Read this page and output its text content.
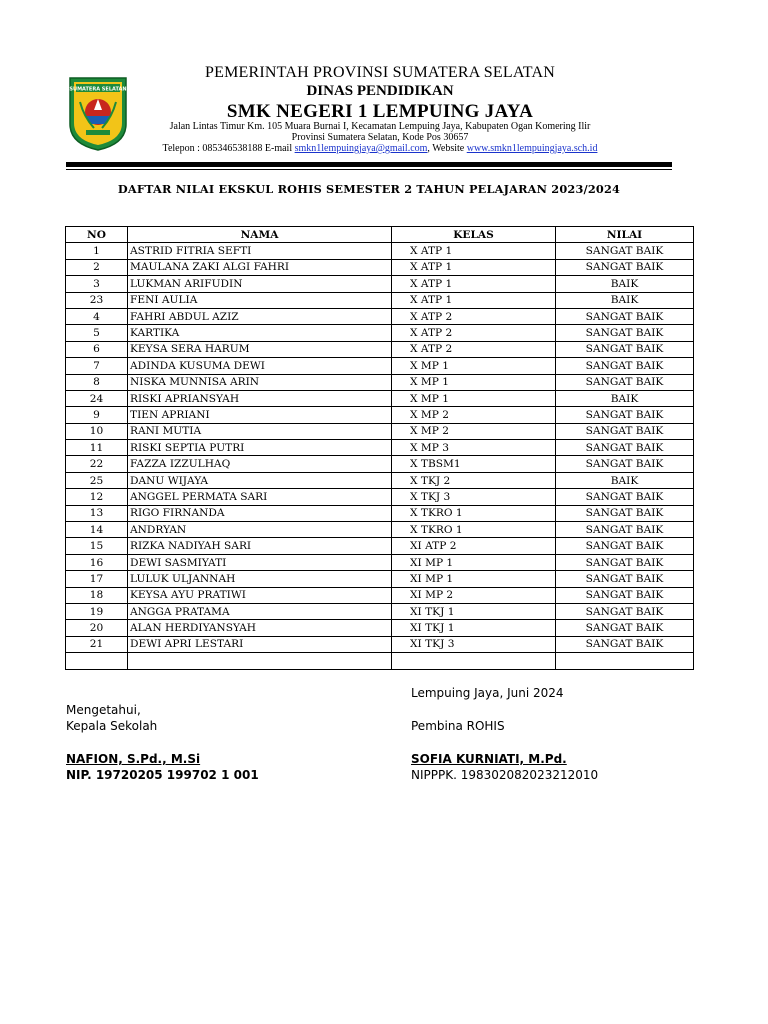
SUMATERA SELATAN
PEMERINTAH PROVINSI SUMATERA SELATAN
DINAS PENDIDIKAN
SMK NEGERI 1 LEMPUING JAYA
Jalan Lintas Timur Km. 105 Muara Burnai I, Kecamatan Lempuing Jaya, Kabupaten Ogan Komering Ilir
Provinsi Sumatera Selatan, Kode Pos 30657
Telepon : 085346538188 E-mail smkn1lempuingjaya@gmail.com, Website www.smkn1lempuingjaya.sch.id
DAFTAR NILAI EKSKUL ROHIS SEMESTER 2 TAHUN PELAJARAN 2023/2024
NO	NAMA	KELAS	NILAI
1	ASTRID FITRIA SEFTI	X ATP 1	SANGAT BAIK
2	MAULANA ZAKI ALGI FAHRI	X ATP 1	SANGAT BAIK
3	LUKMAN ARIFUDIN	X ATP 1	BAIK
23	FENI AULIA	X ATP 1	BAIK
4	FAHRI ABDUL AZIZ	X ATP 2	SANGAT BAIK
5	KARTIKA	X ATP 2	SANGAT BAIK
6	KEYSA SERA HARUM	X ATP 2	SANGAT BAIK
7	ADINDA KUSUMA DEWI	X MP 1	SANGAT BAIK
8	NISKA MUNNISA ARIN	X MP 1	SANGAT BAIK
24	RISKI APRIANSYAH	X MP 1	BAIK
9	TIEN APRIANI	X MP 2	SANGAT BAIK
10	RANI MUTIA	X MP 2	SANGAT BAIK
11	RISKI SEPTIA PUTRI	X MP 3	SANGAT BAIK
22	FAZZA IZZULHAQ	X TBSM1	SANGAT BAIK
25	DANU WIJAYA	X TKJ 2	BAIK
12	ANGGEL PERMATA SARI	X TKJ 3	SANGAT BAIK
13	RIGO FIRNANDA	X TKRO 1	SANGAT BAIK
14	ANDRYAN	X TKRO 1	SANGAT BAIK
15	RIZKA NADIYAH SARI	XI ATP 2	SANGAT BAIK
16	DEWI SASMIYATI	XI MP 1	SANGAT BAIK
17	LULUK ULJANNAH	XI MP 1	SANGAT BAIK
18	KEYSA AYU PRATIWI	XI MP 2	SANGAT BAIK
19	ANGGA PRATAMA	XI TKJ 1	SANGAT BAIK
20	ALAN HERDIYANSYAH	XI TKJ 1	SANGAT BAIK
21	DEWI APRI LESTARI	XI TKJ 3	SANGAT BAIK

Lempuing Jaya, Juni 2024
Mengetahui,
Kepala Sekolah	Pembina ROHIS
NAFION, S.Pd., M.Si
NIP. 19720205 199702 1 001
SOFIA KURNIATI, M.Pd.
NIPPPK. 198302082023212010
